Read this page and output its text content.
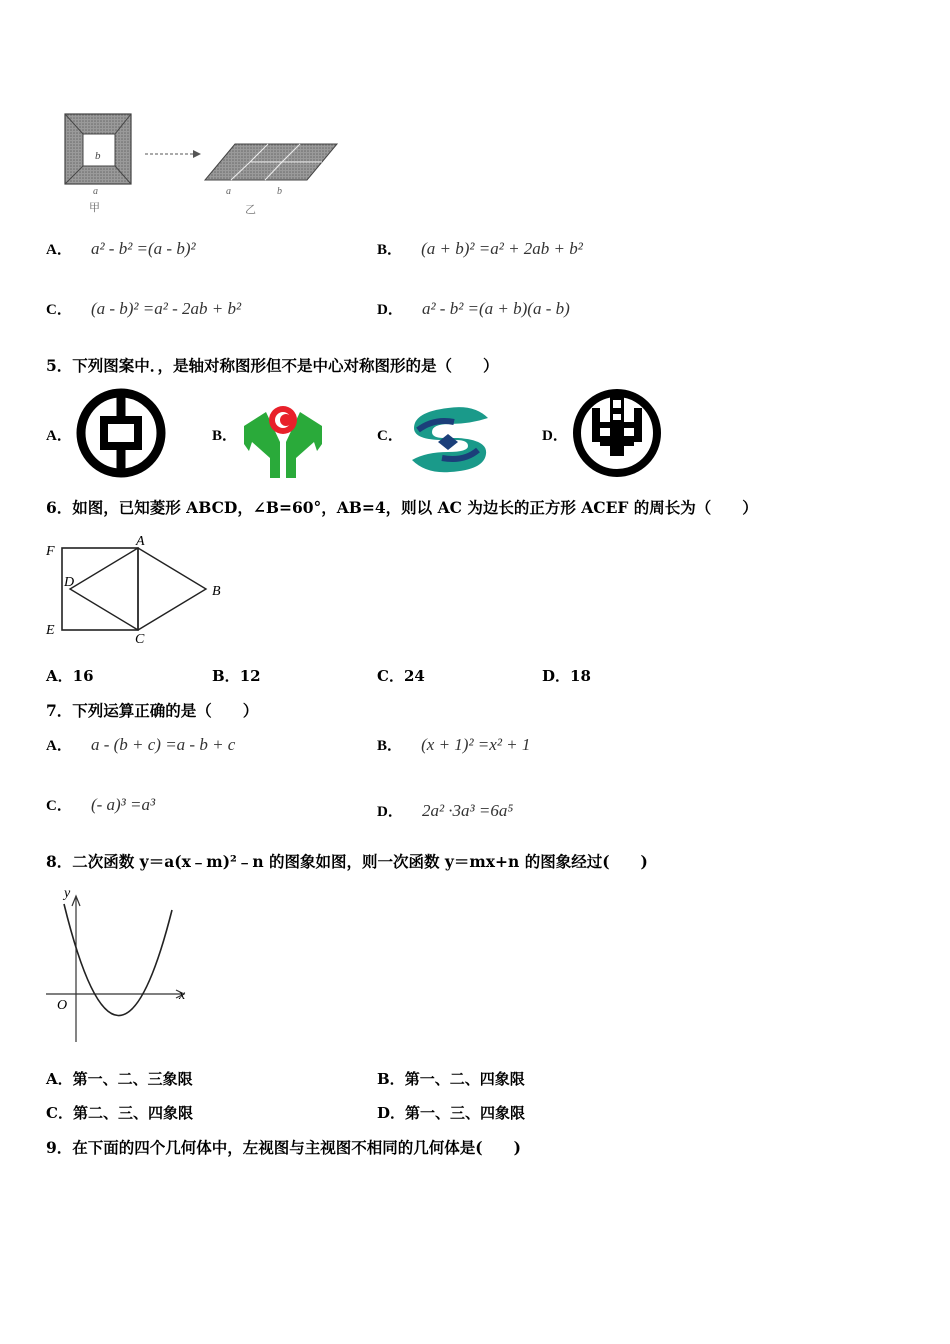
b
a
甲
a	b
乙
A． a² - b² =(a - b)²	B． (a + b)² =a² + 2ab + b²
C． (a - b)² =a² - 2ab + b²	D． a² - b² =(a + b)(a - b)
5．下列图案中．，是轴对称图形但不是中心对称图形的是（　　）
A．	B．	C．	D．
6．如图，已知菱形 ABCD，∠B=60°，AB=4，则以 AC 为边长的正方形 ACEF 的周长为（　　）
F
A
D
B
E
C
A．16	B．12	C．24	D．18
7．下列运算正确的是（　　）
A． a - (b + c) =a - b + c	B． (x + 1)² =x² + 1
C． (- a)³ =a³	D． 2a² ·3a³ =6a⁵
8．二次函数 y＝a(x﹣m)²﹣n 的图象如图，则一次函数 y＝mx+n 的图象经过(　　)
y
x
O
A．第一、二、三象限	B．第一、二、四象限
C．第二、三、四象限	D．第一、三、四象限
9．在下面的四个几何体中，左视图与主视图不相同的几何体是(　　)
